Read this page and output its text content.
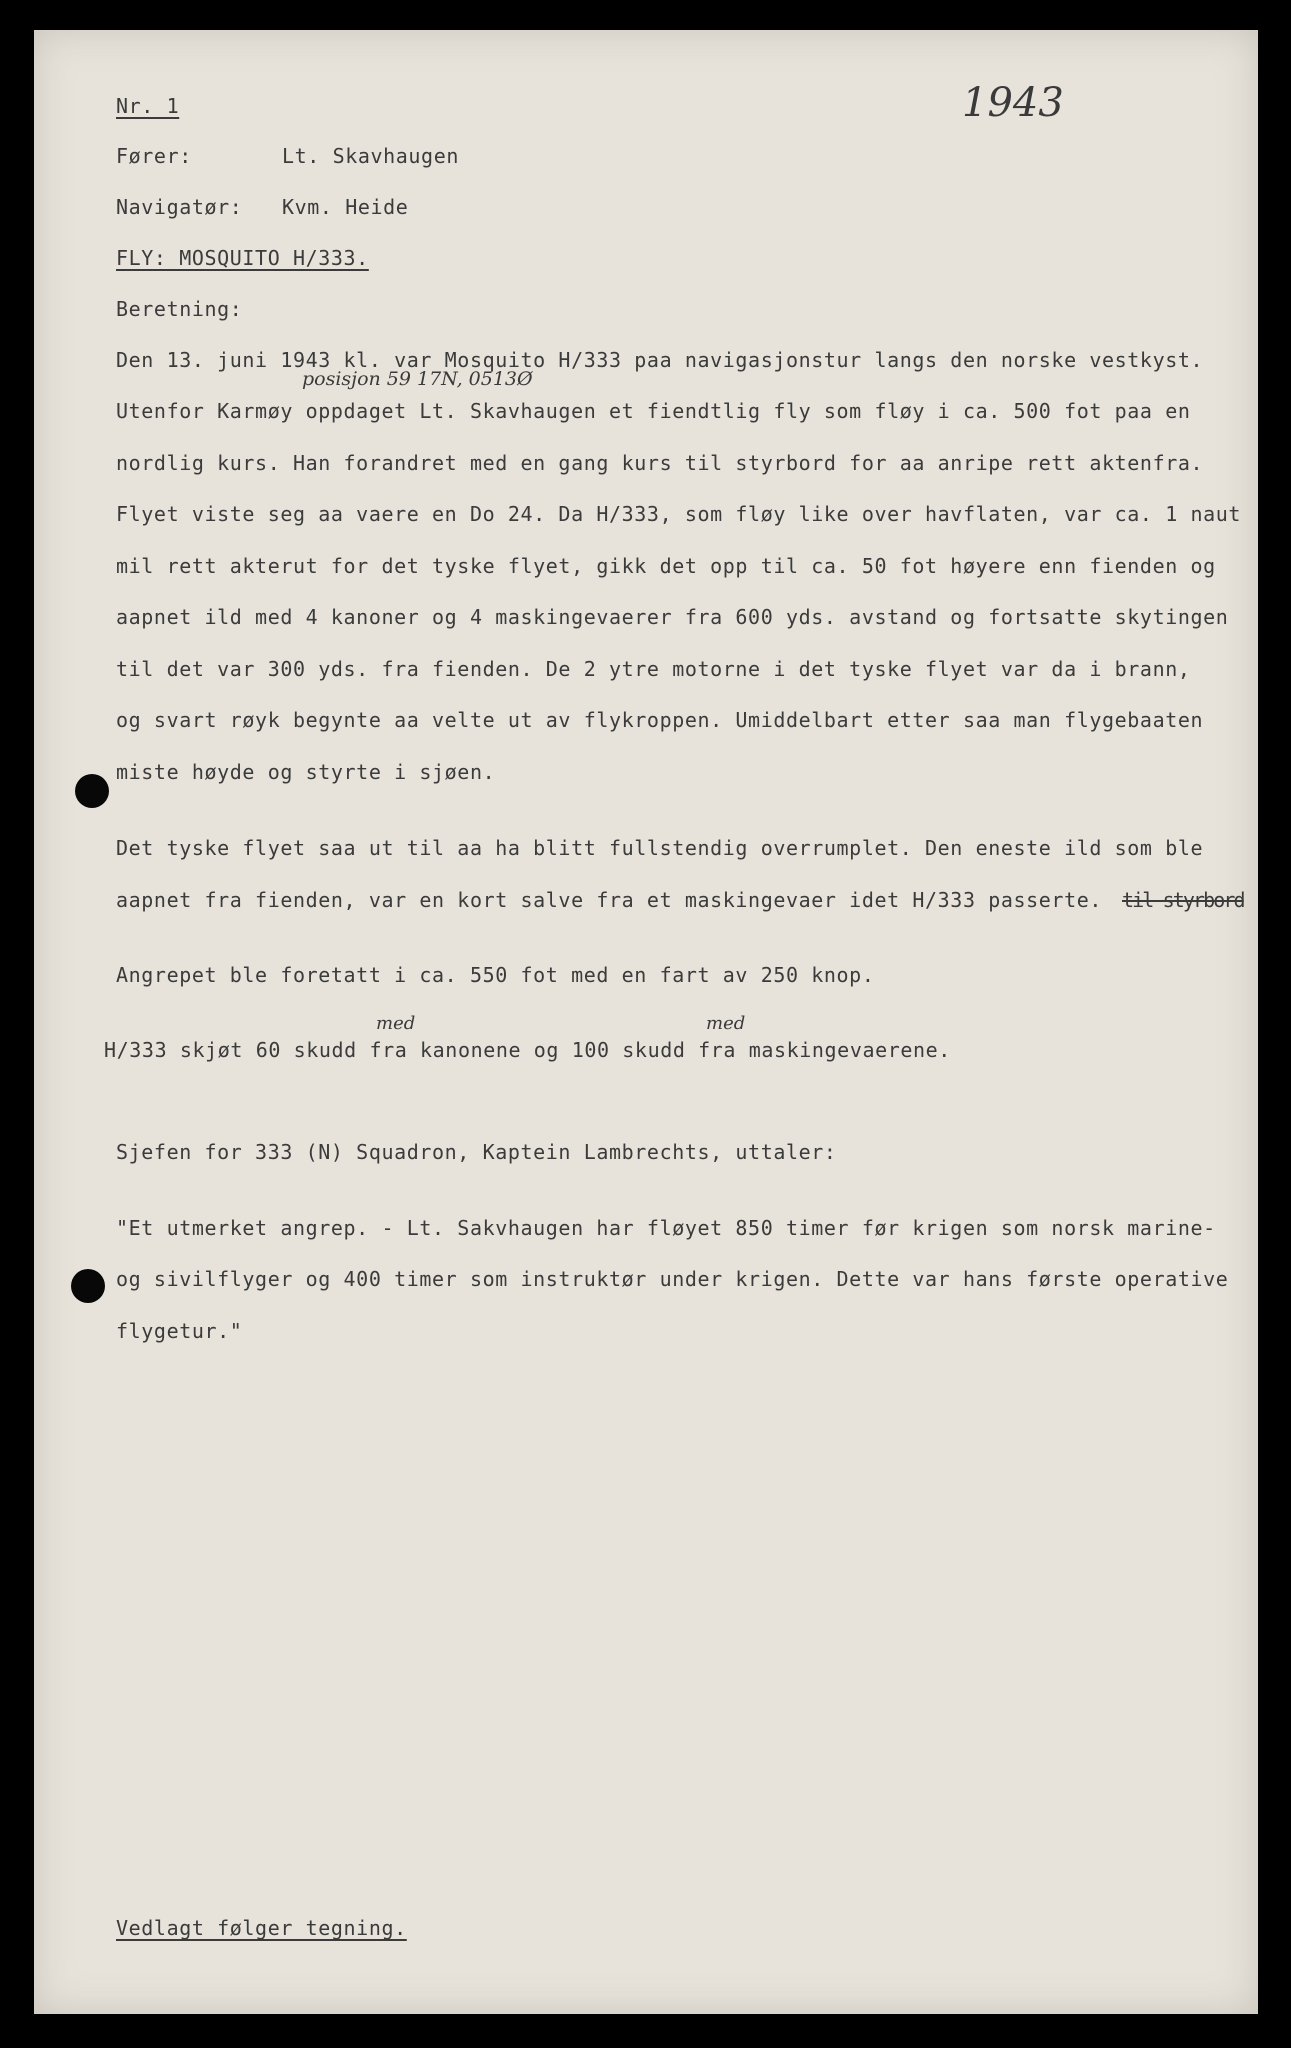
Nr. 1	1943
Fører:	Lt. Skavhaugen
Navigatør: Kvm. Heide
FLY: MOSQUITO H/333.
Beretning:
posisjon 59 17N, 0513Ø
Den 13. juni 1943 kl. var Mosquito H/333 paa navigasjonstur langs den norske vestkyst.
Utenfor Karmøy oppdaget Lt. Skavhaugen et fiendtlig fly som fløy i ca. 500 fot paa en
nordlig kurs. Han forandret med en gang kurs til styrbord for aa anripe rett aktenfra.
Flyet viste seg aa vaere en Do 24. Da H/333, som fløy like over havflaten, var ca. 1 naut
mil rett akterut for det tyske flyet, gikk det opp til ca. 50 fot høyere enn fienden og
aapnet ild med 4 kanoner og 4 maskingevaerer fra 600 yds. avstand og fortsatte skytingen
til det var 300 yds. fra fienden. De 2 ytre motorne i det tyske flyet var da i brann,
og svart røyk begynte aa velte ut av flykroppen. Umiddelbart etter saa man flygebaaten
miste høyde og styrte i sjøen.
Det tyske flyet saa ut til aa ha blitt fullstendig overrumplet. Den eneste ild som ble
aapnet fra fienden, var en kort salve fra et maskingevaer idet H/333 passerte. til styrbord
Angrepet ble foretatt i ca. 550 fot med en fart av 250 knop.
med	med
H/333 skjøt 60 skudd fra kanonene og 100 skudd fra maskingevaerene.
Sjefen for 333 (N) Squadron, Kaptein Lambrechts, uttaler:
"Et utmerket angrep. - Lt. Sakvhaugen har fløyet 850 timer før krigen som norsk marine-
og sivilflyger og 400 timer som instruktør under krigen. Dette var hans første operative
flygetur."
Vedlagt følger tegning.
